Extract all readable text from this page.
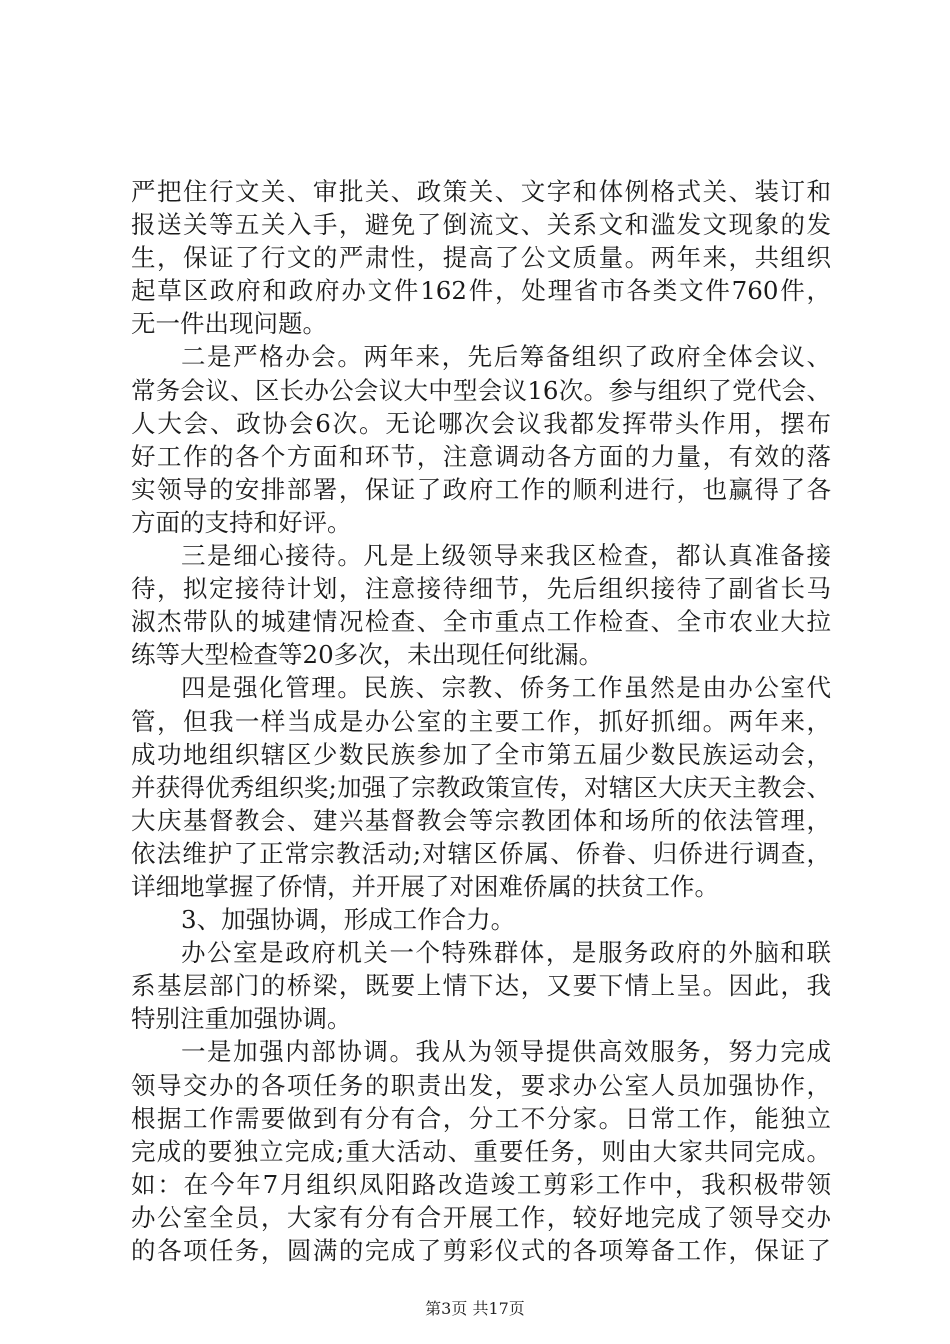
严把住行文关、审批关、政策关、文字和体例格式关、装订和
报送关等五关入手，避免了倒流文、关系文和滥发文现象的发
生，保证了行文的严肃性，提高了公文质量。两年来，共组织
起草区政府和政府办文件162件，处理省市各类文件760件，
无一件出现问题。
二是严格办会。两年来，先后筹备组织了政府全体会议、
常务会议、区长办公会议大中型会议16次。参与组织了党代会、
人大会、政协会6次。无论哪次会议我都发挥带头作用，摆布
好工作的各个方面和环节，注意调动各方面的力量，有效的落
实领导的安排部署，保证了政府工作的顺利进行，也赢得了各
方面的支持和好评。
三是细心接待。凡是上级领导来我区检查，都认真准备接
待，拟定接待计划，注意接待细节，先后组织接待了副省长马
淑杰带队的城建情况检查、全市重点工作检查、全市农业大拉
练等大型检查等20多次，未出现任何纰漏。
四是强化管理。民族、宗教、侨务工作虽然是由办公室代
管，但我一样当成是办公室的主要工作，抓好抓细。两年来，
成功地组织辖区少数民族参加了全市第五届少数民族运动会，
并获得优秀组织奖;加强了宗教政策宣传，对辖区大庆天主教会、
大庆基督教会、建兴基督教会等宗教团体和场所的依法管理，
依法维护了正常宗教活动;对辖区侨属、侨眷、归侨进行调查，
详细地掌握了侨情，并开展了对困难侨属的扶贫工作。
3、加强协调，形成工作合力。
办公室是政府机关一个特殊群体，是服务政府的外脑和联
系基层部门的桥梁，既要上情下达，又要下情上呈。因此，我
特别注重加强协调。
一是加强内部协调。我从为领导提供高效服务，努力完成
领导交办的各项任务的职责出发，要求办公室人员加强协作，
根据工作需要做到有分有合，分工不分家。日常工作，能独立
完成的要独立完成;重大活动、重要任务，则由大家共同完成。
如：在今年7月组织凤阳路改造竣工剪彩工作中，我积极带领
办公室全员，大家有分有合开展工作，较好地完成了领导交办
的各项任务，圆满的完成了剪彩仪式的各项筹备工作，保证了
第3页 共17页
